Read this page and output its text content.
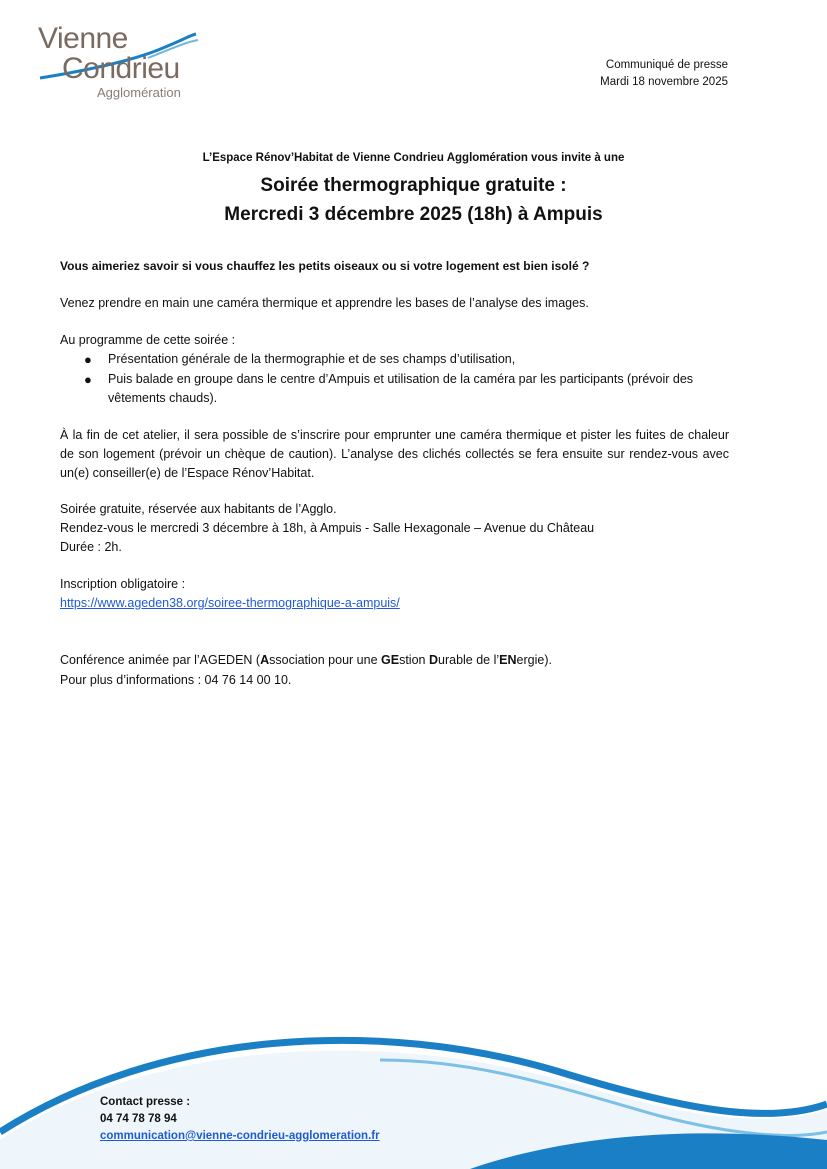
Vienne
Condrieu
Agglomération
Communiqué de presse
Mardi 18 novembre 2025
L’Espace Rénov’Habitat de Vienne Condrieu Agglomération vous invite à une
Soirée thermographique gratuite :
Mercredi 3 décembre 2025 (18h) à Ampuis
Vous aimeriez savoir si vous chauffez les petits oiseaux ou si votre logement est bien isolé ?
Venez prendre en main une caméra thermique et apprendre les bases de l’analyse des images.
Au programme de cette soirée :
● Présentation générale de la thermographie et de ses champs d’utilisation,
● Puis balade en groupe dans le centre d’Ampuis et utilisation de la caméra par les participants (prévoir des vêtements chauds).
À la fin de cet atelier, il sera possible de s’inscrire pour emprunter une caméra thermique et pister les fuites de chaleur de son logement (prévoir un chèque de caution). L’analyse des clichés collectés se fera ensuite sur rendez-vous avec un(e) conseiller(e) de l’Espace Rénov’Habitat.
Soirée gratuite, réservée aux habitants de l’Agglo.
Rendez-vous le mercredi 3 décembre à 18h, à Ampuis - Salle Hexagonale – Avenue du Château
Durée : 2h.
Inscription obligatoire :
https://www.ageden38.org/soiree-thermographique-a-ampuis/
Conférence animée par l’AGEDEN (Association pour une GEstion Durable de l’ENergie).
Pour plus d’informations : 04 76 14 00 10.
Contact presse :
04 74 78 78 94
communication@vienne-condrieu-agglomeration.fr
